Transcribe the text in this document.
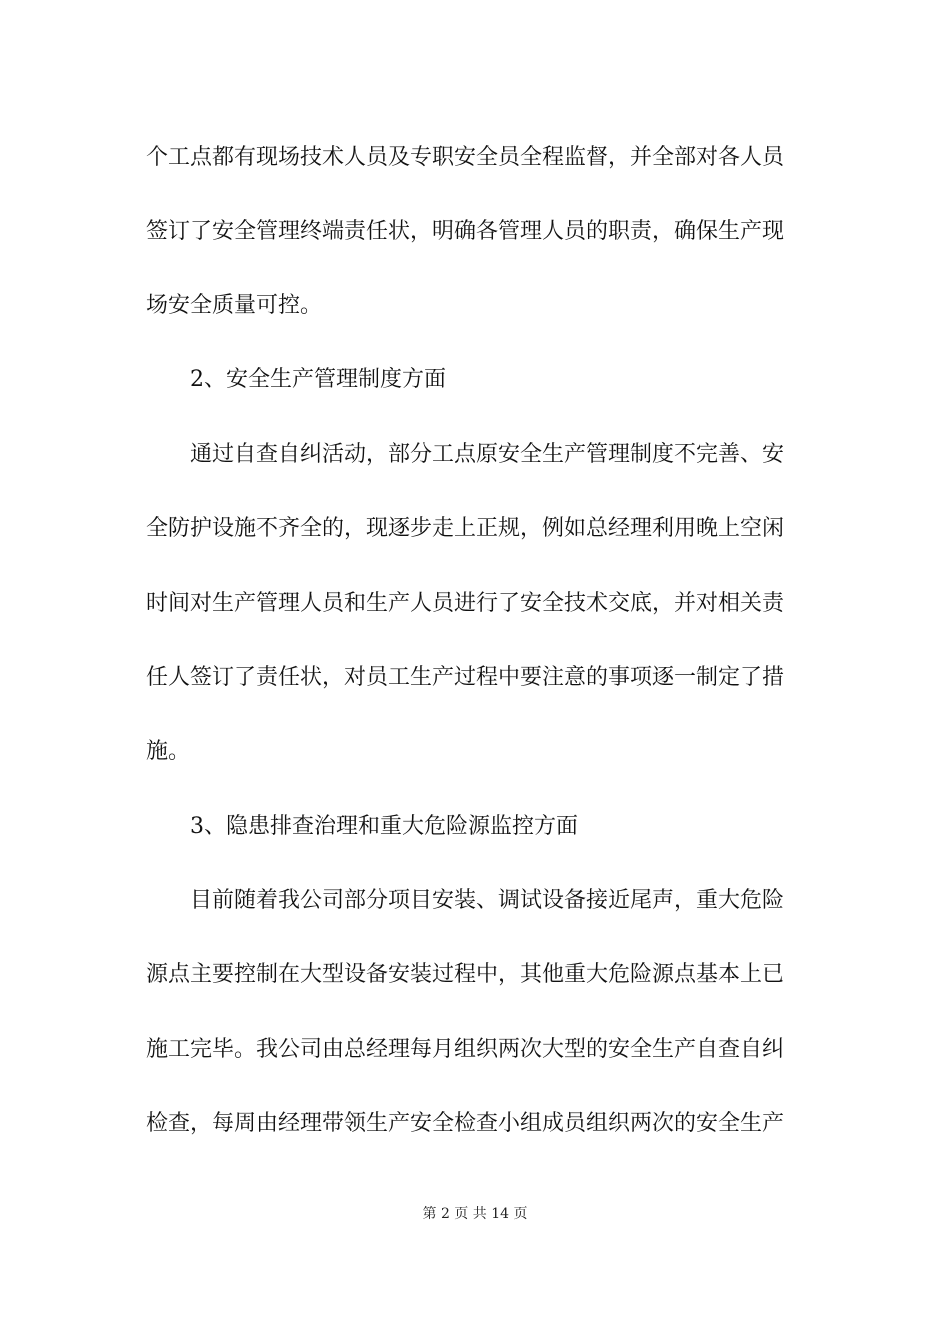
个工点都有现场技术人员及专职安全员全程监督，并全部对各人员
签订了安全管理终端责任状，明确各管理人员的职责，确保生产现
场安全质量可控。
2、安全生产管理制度方面
通过自查自纠活动，部分工点原安全生产管理制度不完善、安
全防护设施不齐全的，现逐步走上正规，例如总经理利用晚上空闲
时间对生产管理人员和生产人员进行了安全技术交底，并对相关责
任人签订了责任状，对员工生产过程中要注意的事项逐一制定了措
施。
3、隐患排查治理和重大危险源监控方面
目前随着我公司部分项目安装、调试设备接近尾声，重大危险
源点主要控制在大型设备安装过程中，其他重大危险源点基本上已
施工完毕。我公司由总经理每月组织两次大型的安全生产自查自纠
检查，每周由经理带领生产安全检查小组成员组织两次的安全生产
第 2 页 共 14 页
